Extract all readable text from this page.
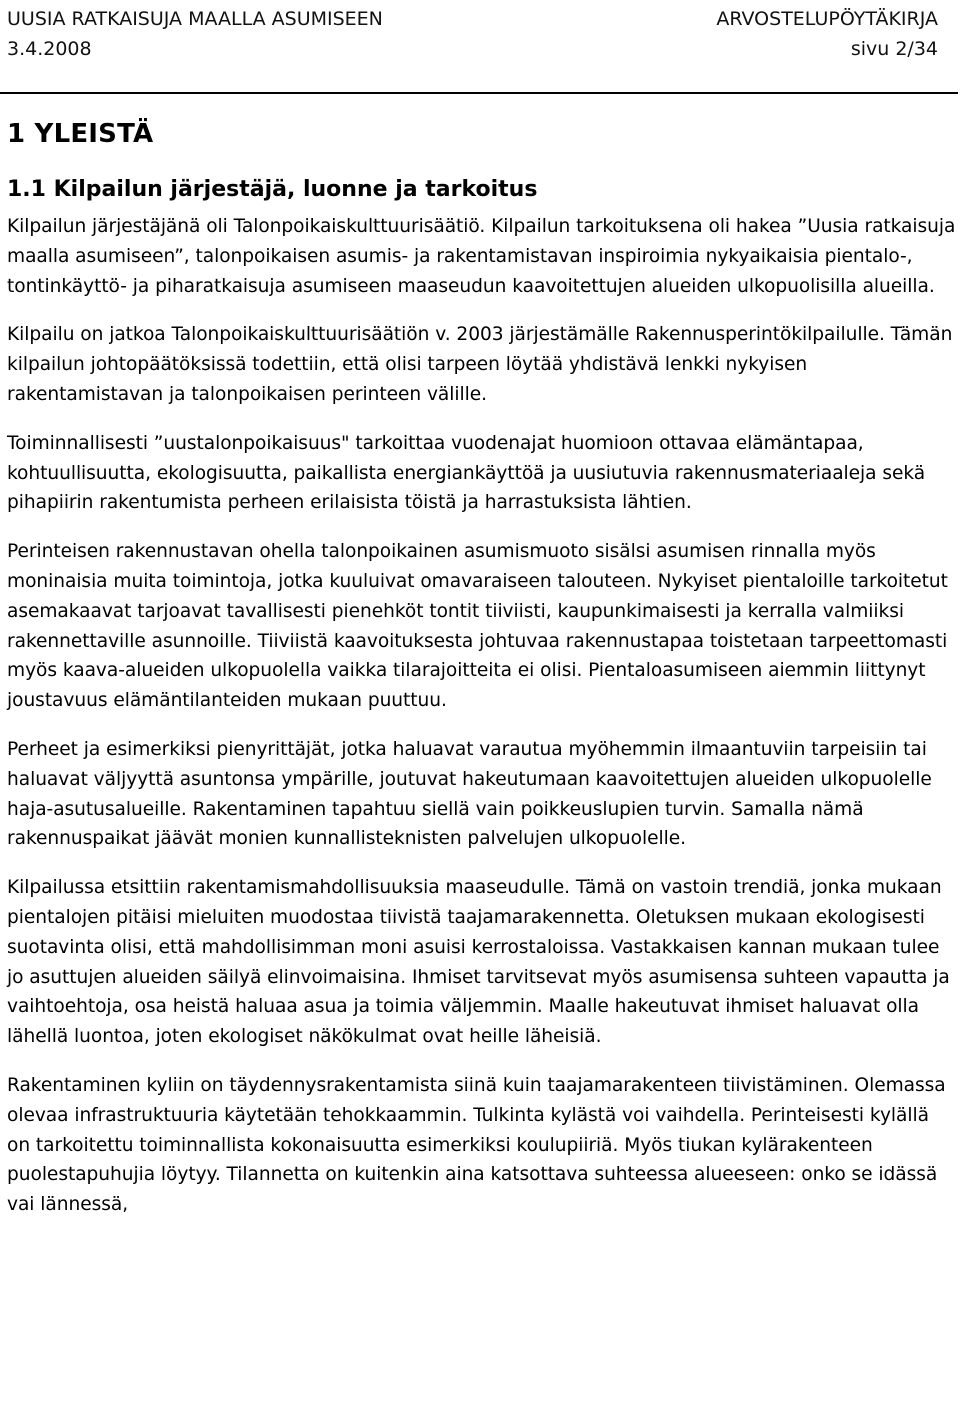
UUSIA RATKAISUJA MAALLA ASUMISEEN	ARVOSTELUPÖYTÄKIRJA
3.4.2008	sivu 2/34
1 YLEISTÄ
1.1 Kilpailun järjestäjä, luonne ja tarkoitus

Kilpailun järjestäjänä oli Talonpoikaiskulttuurisäätiö. Kilpailun tarkoituksena oli hakea ”Uusia ratkaisuja maalla asumiseen”, talonpoikaisen asumis- ja rakentamistavan inspiroimia nykyaikaisia pientalo-, tontinkäyttö- ja piharatkaisuja asumiseen maaseudun kaavoitettujen alueiden ulkopuolisilla alueilla.

Kilpailu on jatkoa Talonpoikaiskulttuurisäätiön v. 2003 järjestämälle Rakennusperintökilpailulle. Tämän kilpailun johtopäätöksissä todettiin, että olisi tarpeen löytää yhdistävä lenkki nykyisen rakentamistavan ja talonpoikaisen perinteen välille.

Toiminnallisesti ”uustalonpoikaisuus" tarkoittaa vuodenajat huomioon ottavaa elämäntapaa, kohtuullisuutta, ekologisuutta, paikallista energiankäyttöä ja uusiutuvia rakennusmateriaaleja sekä pihapiirin rakentumista perheen erilaisista töistä ja harrastuksista lähtien.

Perinteisen rakennustavan ohella talonpoikainen asumismuoto sisälsi asumisen rinnalla myös moninaisia muita toimintoja, jotka kuuluivat omavaraiseen talouteen. Nykyiset pientaloille tarkoitetut asemakaavat tarjoavat tavallisesti pienehköt tontit tiiviisti, kaupunkimaisesti ja kerralla valmiiksi rakennettaville asunnoille. Tiiviistä kaavoituksesta johtuvaa rakennustapaa toistetaan tarpeettomasti myös kaava-alueiden ulkopuolella vaikka tilarajoitteita ei olisi. Pientaloasumiseen aiemmin liittynyt joustavuus elämäntilanteiden mukaan puuttuu.

Perheet ja esimerkiksi pienyrittäjät, jotka haluavat varautua myöhemmin ilmaantuviin tarpeisiin tai haluavat väljyyttä asuntonsa ympärille, joutuvat hakeutumaan kaavoitettujen alueiden ulkopuolelle haja-asutusalueille. Rakentaminen tapahtuu siellä vain poikkeuslupien turvin. Samalla nämä rakennuspaikat jäävät monien kunnallisteknisten palvelujen ulkopuolelle.

Kilpailussa etsittiin rakentamismahdollisuuksia maaseudulle. Tämä on vastoin trendiä, jonka mukaan pientalojen pitäisi mieluiten muodostaa tiivistä taajamarakennetta. Oletuksen mukaan ekologisesti suotavinta olisi, että mahdollisimman moni asuisi kerrostaloissa. Vastakkaisen kannan mukaan tulee jo asuttujen alueiden säilyä elinvoimaisina. Ihmiset tarvitsevat myös asumisensa suhteen vapautta ja vaihtoehtoja, osa heistä haluaa asua ja toimia väljemmin. Maalle hakeutuvat ihmiset haluavat olla lähellä luontoa, joten ekologiset näkökulmat ovat heille läheisiä.

Rakentaminen kyliin on täydennysrakentamista siinä kuin taajamarakenteen tiivistäminen. Olemassa olevaa infrastruktuuria käytetään tehokkaammin. Tulkinta kylästä voi vaihdella. Perinteisesti kylällä on tarkoitettu toiminnallista kokonaisuutta esimerkiksi koulupiiriä. Myös tiukan kylärakenteen puolestapuhujia löytyy. Tilannetta on kuitenkin aina katsottava suhteessa alueeseen: onko se idässä vai lännessä,
